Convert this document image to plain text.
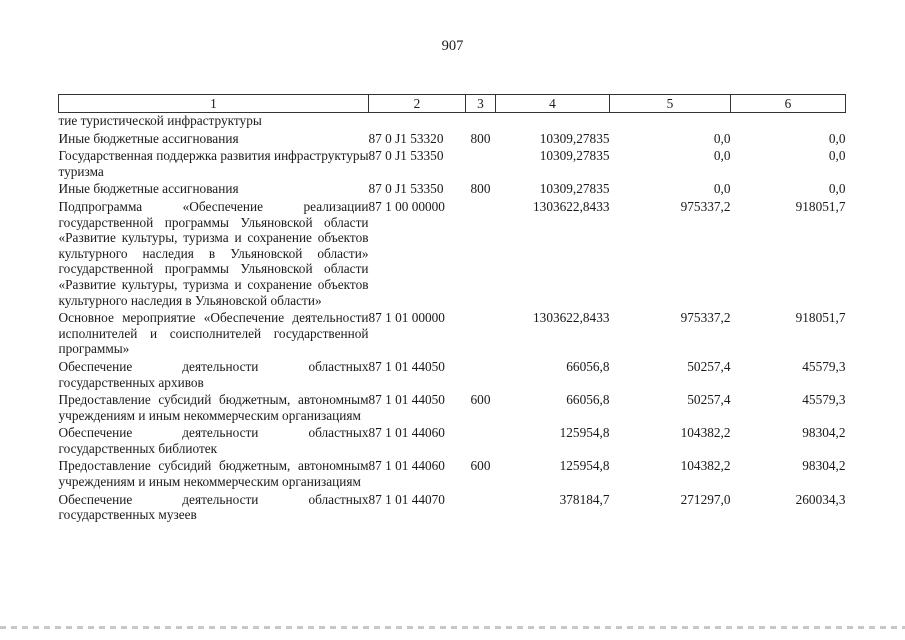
907
1	2	3	4	5	6
тие туристической инфраструктуры					
Иные бюджетные ассигнования	87 0 J1 53320	800	10309,27835	0,0	0,0
Государственная поддержка развития инфраструктуры туризма	87 0 J1 53350		10309,27835	0,0	0,0
Иные бюджетные ассигнования	87 0 J1 53350	800	10309,27835	0,0	0,0
Подпрограмма «Обеспечение реализации государственной программы Ульяновской области «Развитие культуры, туризма и сохранение объектов культурного наследия в Ульяновской области» государственной программы Ульяновской области «Развитие культуры, туризма и сохранение объектов культурного наследия в Ульяновской области»	87 1 00 00000		1303622,8433	975337,2	918051,7
Основное мероприятие «Обеспечение деятельности исполнителей и соисполнителей государственной программы»	87 1 01 00000		1303622,8433	975337,2	918051,7
Обеспечение деятельности областных государственных архивов	87 1 01 44050		66056,8	50257,4	45579,3
Предоставление субсидий бюджетным, автономным учреждениям и иным некоммерческим организациям	87 1 01 44050	600	66056,8	50257,4	45579,3
Обеспечение деятельности областных государственных библиотек	87 1 01 44060		125954,8	104382,2	98304,2
Предоставление субсидий бюджетным, автономным учреждениям и иным некоммерческим организациям	87 1 01 44060	600	125954,8	104382,2	98304,2
Обеспечение деятельности областных государственных музеев	87 1 01 44070		378184,7	271297,0	260034,3
